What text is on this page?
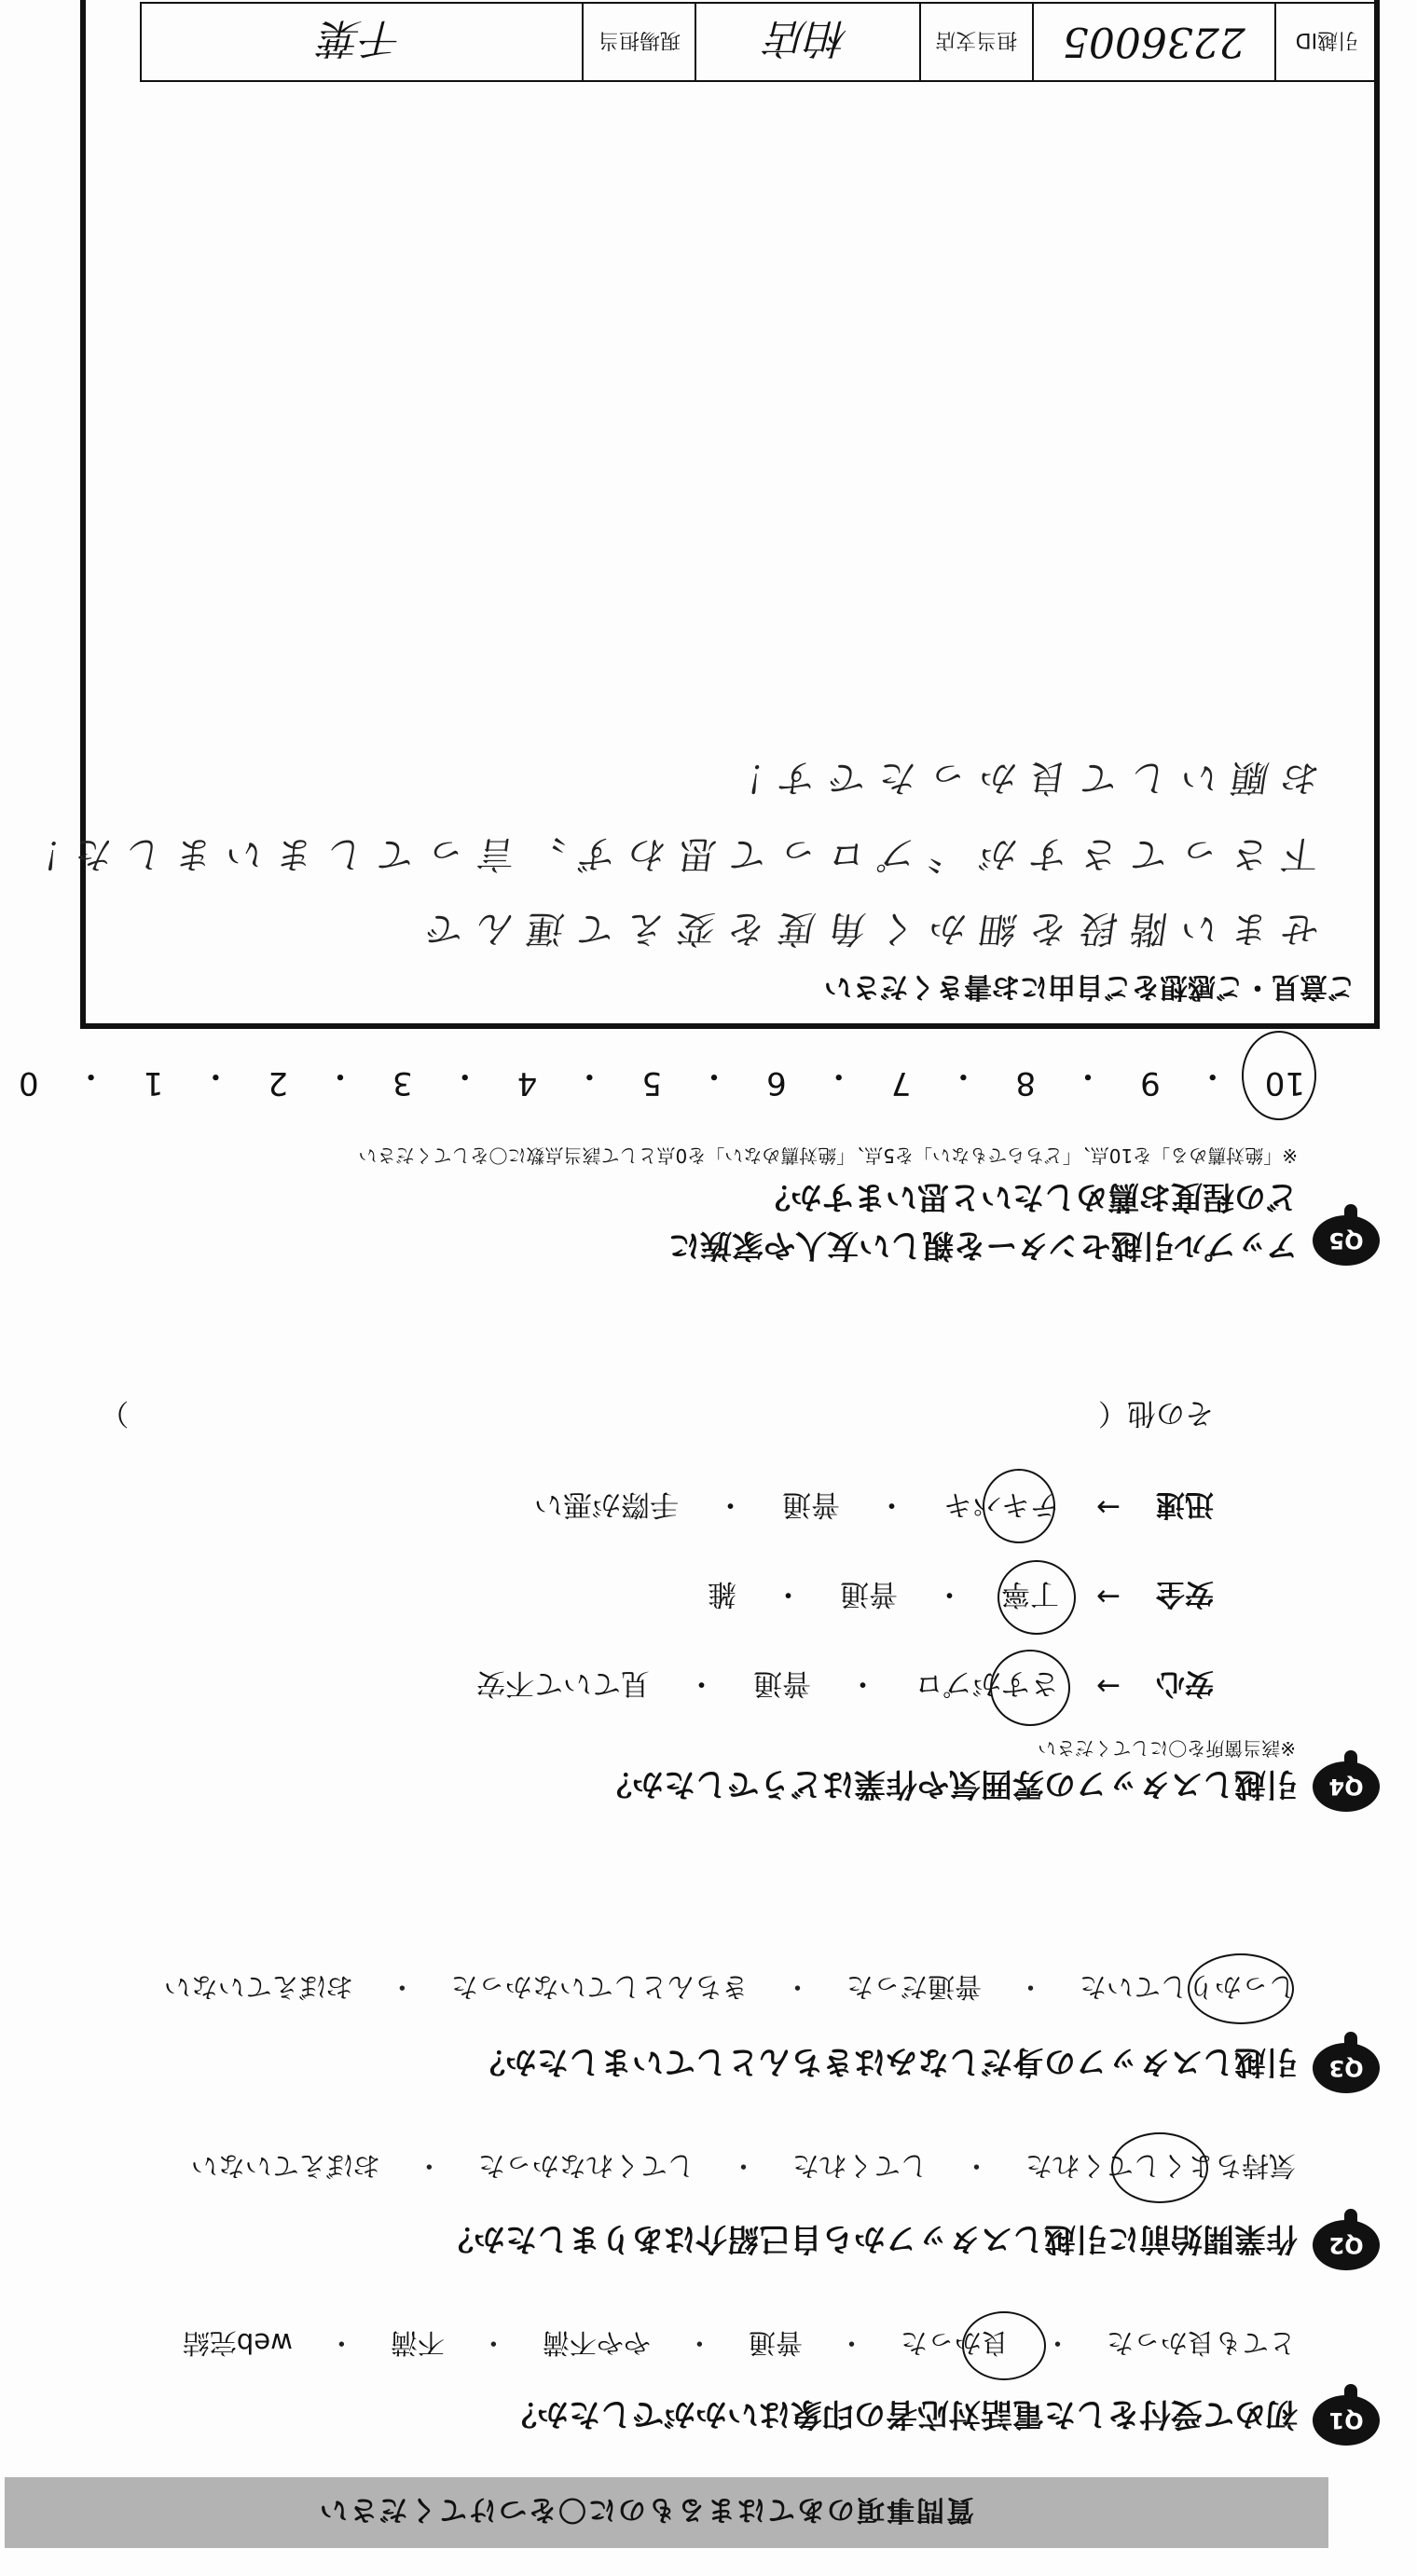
質問事項のあてはまるものに〇をつけてください
Q1
初めて受付をした電話対応者の印象はいかがでしたか？
とても良かった
・
良かった
・
普通
・
やや不満
・
不満
・
web完結
Q2
作業開始前に引越しスタッフから自己紹介はありましたか？
気持ちよくしてくれた
・
してくれた
・
してくれなかった
・
おぼえていない
Q3
引越しスタッフの身だしなみはきちんとしていましたか？
しっかりしていた
・
普通だった
・
きちんとしていなかった
・
おぼえていない
Q4
引越しスタッフの雰囲気や作業はどうでしたか？
※該当箇所を〇にしてください
安心
→
さすがプロ
・
普通
・
見ていて不安
安全
→
丁寧
・
普通
・
雑
迅速
→
テキパキ
・
普通
・
手際が悪い
その他（  ）
Q5
アップル引越センターを親しい友人や家族に
どの程度お薦めしたいと思いますか？
※「絶対薦める」を10点、「どちらでもない」を5点、「絶対薦めない」を0点として該当点数に〇をしてください
10
・
9
・
8
・
7
・
6
・
5
・
4
・
3
・
2
・
1
・
0
ご意見・ご感想をご自由にお書きください
せまい階段を細かく角度を変えて運んで
下さってさすが〝プロって思わず〟言ってしまいました！
お願いして良かったです！
引越ID
2236005
担当支店
柏店
現場担当
千葉
